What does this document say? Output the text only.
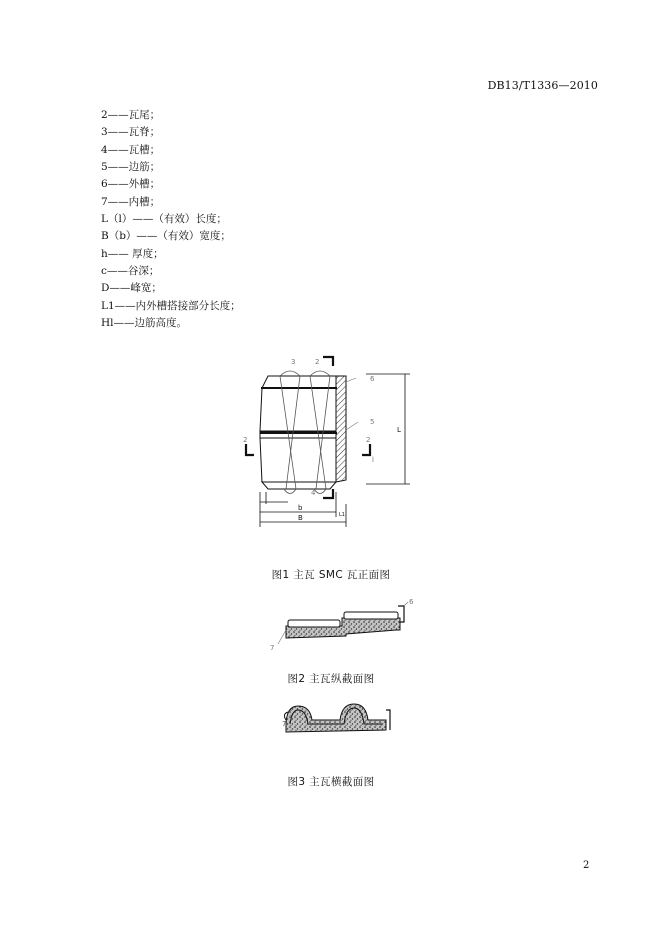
DB13/T1336—2010
2——瓦尾；
3——瓦脊；
4——瓦槽；
5——边筋；
6——外槽；
7——内槽；
L（l）——（有效）长度；
B（b）——（有效）宽度；
h—— 厚度；
c——谷深；
D——峰宽；
L1——内外槽搭接部分长度；
Hl——边筋高度。
3	2
6
5
2	2
4
L
l
b
B	L1
图1 主瓦 SMC 瓦正面图
6
7
图2 主瓦纵截面图
7
图3 主瓦横截面图
2
